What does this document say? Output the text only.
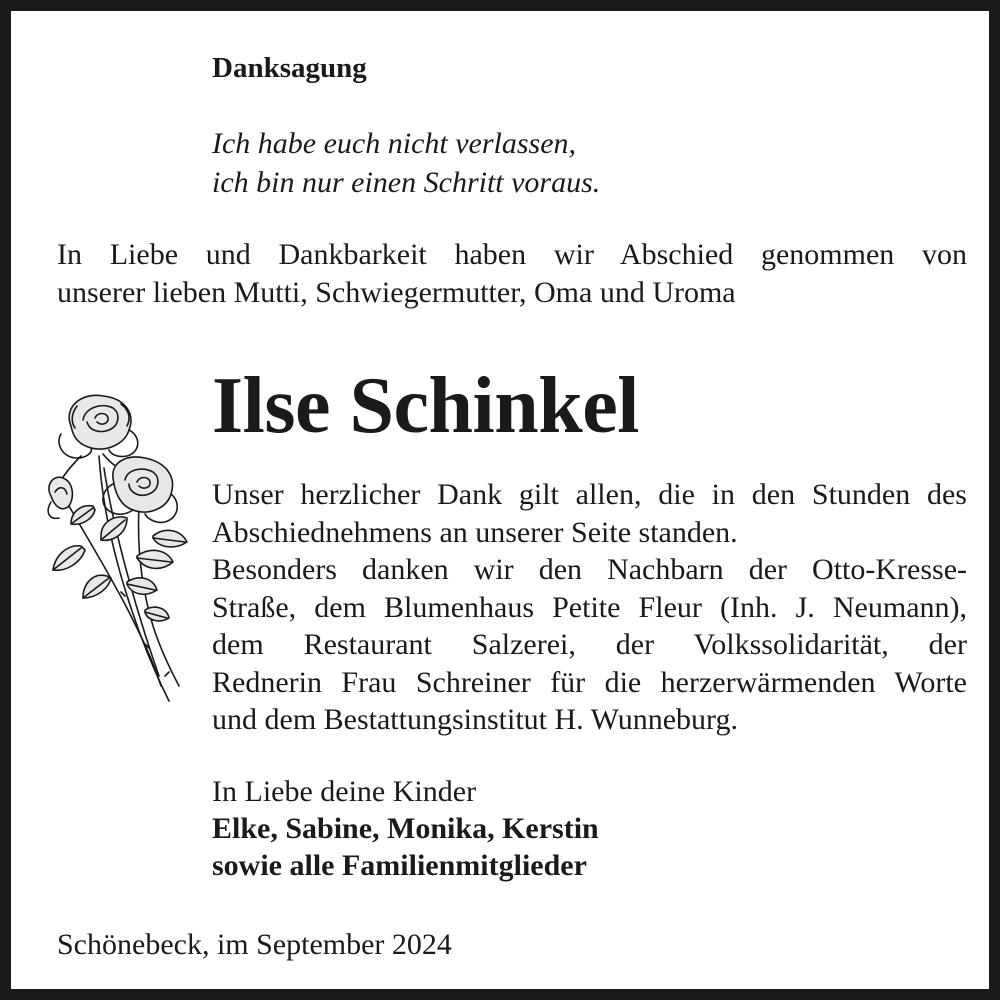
Danksagung
Ich habe euch nicht verlassen,
ich bin nur einen Schritt voraus.
In Liebe und Dankbarkeit haben wir Abschied genommen von
unserer lieben Mutti, Schwiegermutter, Oma und Uroma
Ilse Schinkel
Unser herzlicher Dank gilt allen, die in den Stunden des
Abschiednehmens an unserer Seite standen.
Besonders danken wir den Nachbarn der Otto-Kresse-
Straße, dem Blumenhaus Petite Fleur (Inh. J. Neumann),
dem Restaurant Salzerei, der Volkssolidarität, der
Rednerin Frau Schreiner für die herzerwärmenden Worte
und dem Bestattungsinstitut H. Wunneburg.
In Liebe deine Kinder
Elke, Sabine, Monika, Kerstin
sowie alle Familienmitglieder
Schönebeck, im September 2024
